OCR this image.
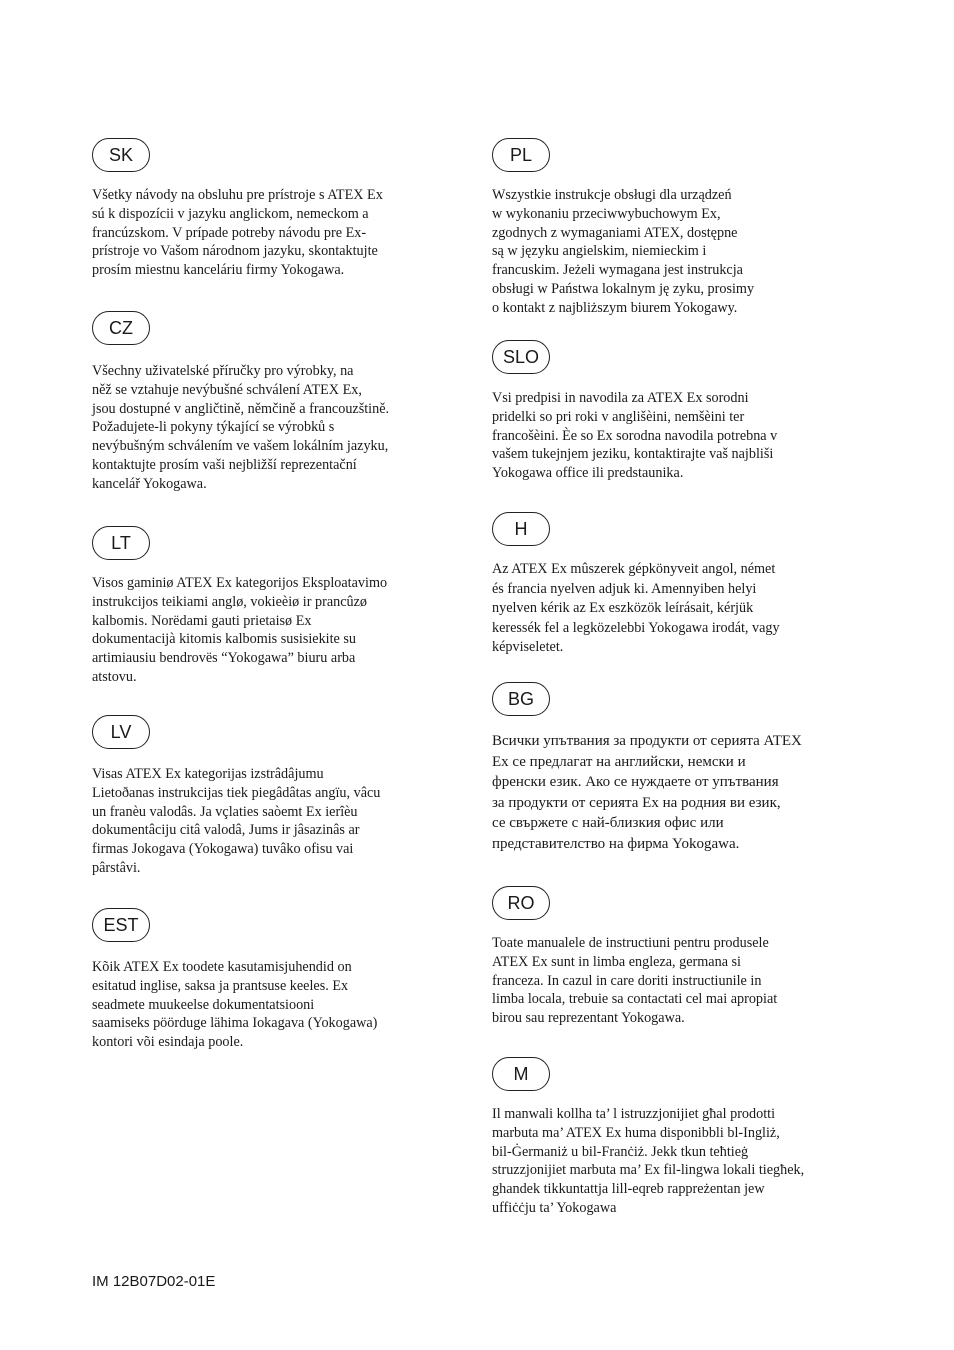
SK

Všetky návody na obsluhu pre prístroje s ATEX Ex
sú k dispozícii v jazyku anglickom, nemeckom a
francúzskom. V prípade potreby návodu pre Ex-
prístroje vo Vašom národnom jazyku, skontaktujte
prosím miestnu kanceláriu firmy Yokogawa.

CZ

Všechny uživatelské příručky pro výrobky, na
něž se vztahuje nevýbušné schválení ATEX Ex,
jsou dostupné v angličtině, němčině a francouzštině.
Požadujete-li pokyny týkající se výrobků s
nevýbušným schválením ve vašem lokálním jazyku,
kontaktujte prosím vaši nejbližší reprezentační
kancelář Yokogawa.

LT

Visos gaminiø ATEX Ex kategorijos Eksploatavimo
instrukcijos teikiami anglø, vokieèiø ir prancûzø
kalbomis. Norëdami gauti prietaisø Ex
dokumentacijà kitomis kalbomis susisiekite su
artimiausiu bendrovës “Yokogawa” biuru arba
atstovu.

LV

Visas ATEX Ex kategorijas izstrâdâjumu
Lietoðanas instrukcijas tiek piegâdâtas angïu, vâcu
un franèu valodâs. Ja vçlaties saòemt Ex ierîèu
dokumentâciju citâ valodâ, Jums ir jâsazinâs ar
firmas Jokogava (Yokogawa) tuvâko ofisu vai
pârstâvi.

EST

Kõik ATEX Ex toodete kasutamisjuhendid on
esitatud inglise, saksa ja prantsuse keeles. Ex
seadmete muukeelse dokumentatsiooni
saamiseks pöörduge lähima Iokagava (Yokogawa)
kontori või esindaja poole.

PL

Wszystkie instrukcje obsługi dla urządzeń
w wykonaniu przeciwwybuchowym Ex,
zgodnych z wymaganiami ATEX, dostępne
są w języku angielskim, niemieckim i
francuskim. Jeżeli wymagana jest instrukcja
obsługi w Państwa lokalnym ję zyku, prosimy
o kontakt z najbliższym biurem Yokogawy.

SLO

Vsi predpisi in navodila za ATEX Ex sorodni
pridelki so pri roki v anglišèini, nemšèini ter
francošèini. Èe so Ex sorodna navodila potrebna v
vašem tukejnjem jeziku, kontaktirajte vaš najbliši
Yokogawa office ili predstaunika.

H

Az ATEX Ex mûszerek gépkönyveit angol, német
és francia nyelven adjuk ki. Amennyiben helyi
nyelven kérik az Ex eszközök leírásait, kérjük
keressék fel a legközelebbi Yokogawa irodát, vagy
képviseletet.

BG

Всички упътвания за продукти от серията ATEX
Ex се предлагат на английски, немски и
френски език. Ако се нуждаете от упътвания
за продукти от серията Ex на родния ви език,
се свържете с най-близкия офис или
представителство на фирма Yokogawa.

RO

Toate manualele de instructiuni pentru produsele
ATEX Ex sunt in limba engleza, germana si
franceza. In cazul in care doriti instructiunile in
limba locala, trebuie sa contactati cel mai apropiat
birou sau reprezentant Yokogawa.

M

Il manwali kollha ta’ l istruzzjonijiet għal prodotti
marbuta ma’ ATEX Ex huma disponibbli bl-Ingliż,
bil-Ġermaniż u bil-Franċiż. Jekk tkun teħtieġ
struzzjonijiet marbuta ma’ Ex fil-lingwa lokali tiegħek,
ghandek tikkuntattja lill-eqreb rappreżentan jew
uffiċċju ta’ Yokogawa

IM 12B07D02-01E
